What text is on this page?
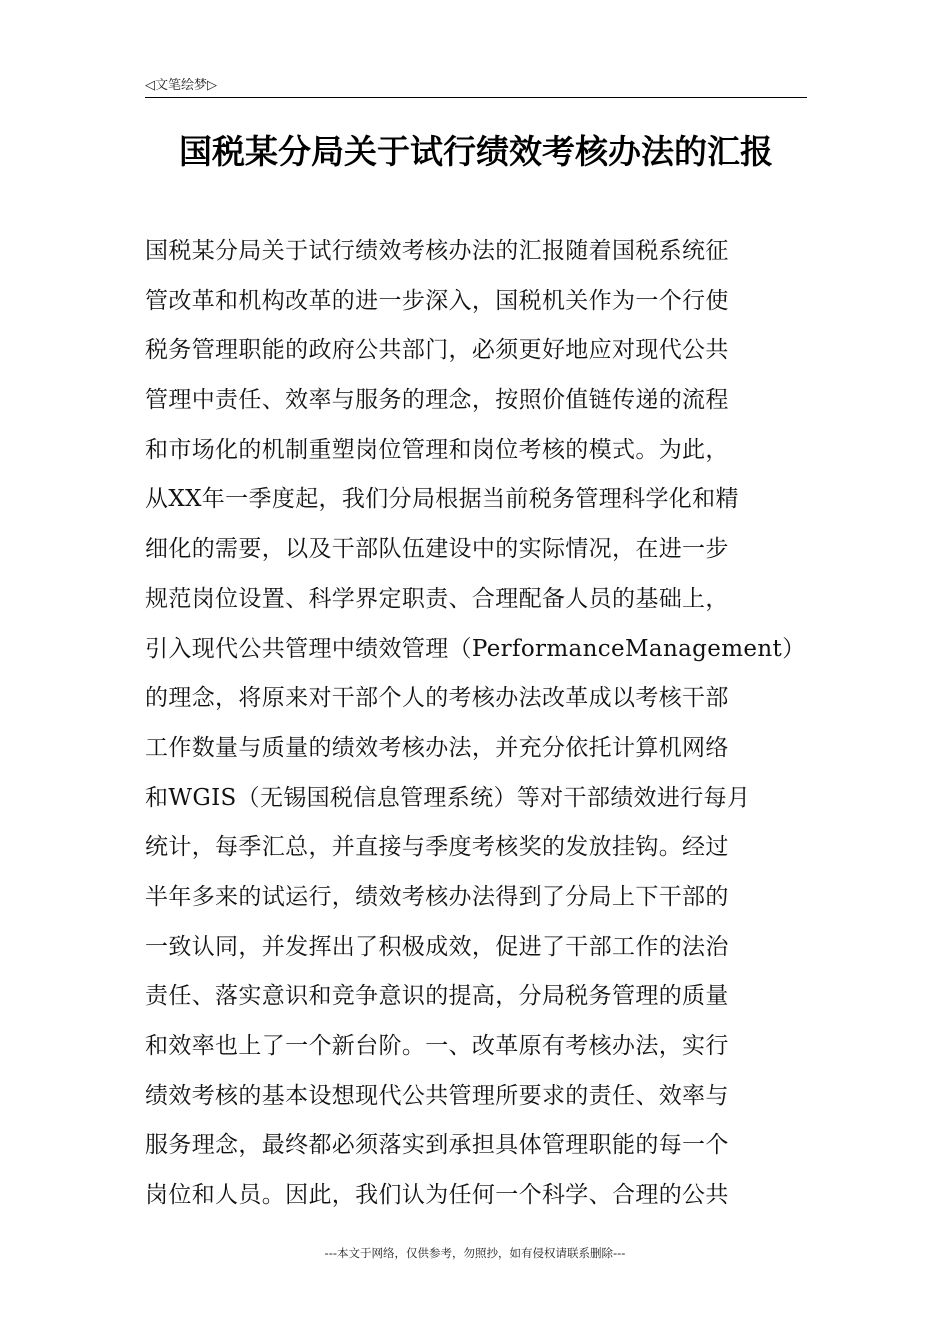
◁文笔绘梦▷
国税某分局关于试行绩效考核办法的汇报
国税某分局关于试行绩效考核办法的汇报随着国税系统征
管改革和机构改革的进一步深入，国税机关作为一个行使
税务管理职能的政府公共部门，必须更好地应对现代公共
管理中责任、效率与服务的理念，按照价值链传递的流程
和市场化的机制重塑岗位管理和岗位考核的模式。为此，
从XX年一季度起，我们分局根据当前税务管理科学化和精
细化的需要，以及干部队伍建设中的实际情况，在进一步
规范岗位设置、科学界定职责、合理配备人员的基础上，
引入现代公共管理中绩效管理（PerformanceManagement）
的理念，将原来对干部个人的考核办法改革成以考核干部
工作数量与质量的绩效考核办法，并充分依托计算机网络
和WGIS（无锡国税信息管理系统）等对干部绩效进行每月
统计，每季汇总，并直接与季度考核奖的发放挂钩。经过
半年多来的试运行，绩效考核办法得到了分局上下干部的
一致认同，并发挥出了积极成效，促进了干部工作的法治
责任、落实意识和竞争意识的提高，分局税务管理的质量
和效率也上了一个新台阶。一、改革原有考核办法，实行
绩效考核的基本设想现代公共管理所要求的责任、效率与
服务理念，最终都必须落实到承担具体管理职能的每一个
岗位和人员。因此，我们认为任何一个科学、合理的公共
---本文于网络，仅供参考，勿照抄，如有侵权请联系删除---
